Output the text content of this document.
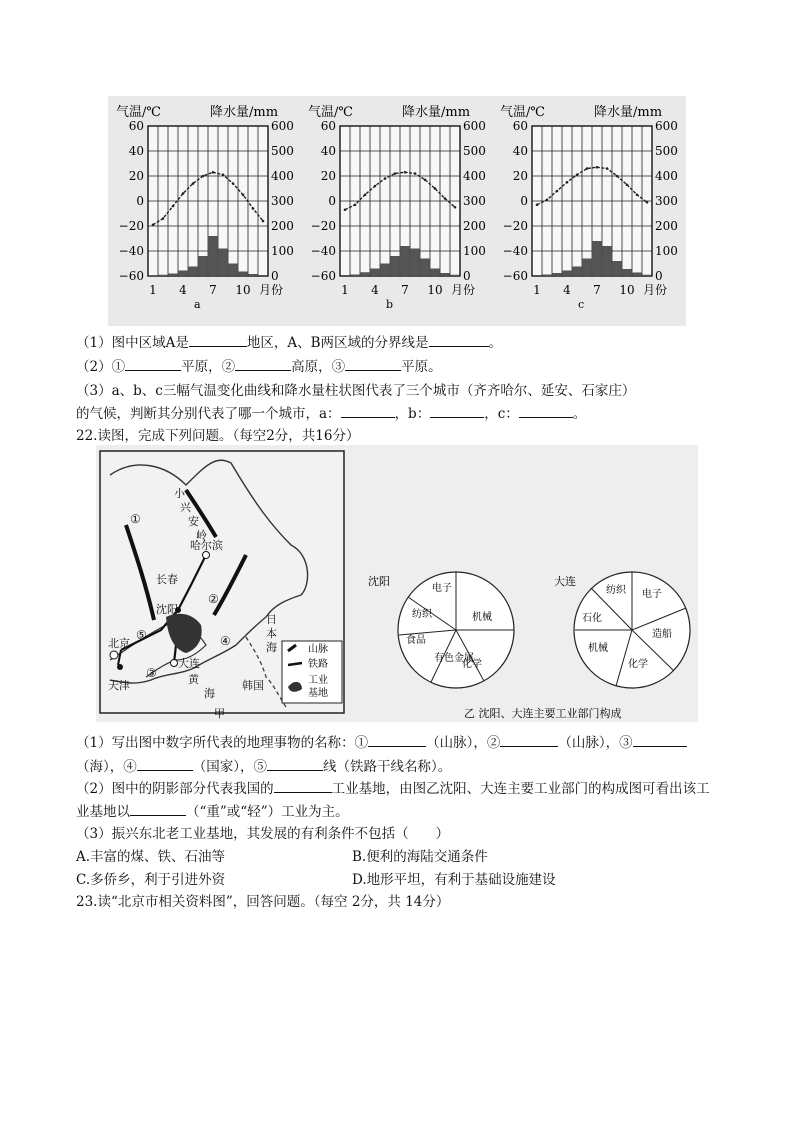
气温/℃	降水量/mm
60
40
20
0
−20
−40
−60
600
500
400
300
200
100
0
1 4 7 10 月份
a
气温/℃	降水量/mm
60
40
20
0
−20
−40
−60
600
500
400
300
200
100
0
1 4 7 10 月份
b
气温/℃	降水量/mm
60
40
20
0
−20
−40
−60
600
500
400
300
200
100
0
1 4 7 10 月份
c
（1）图中区域A是	地区，A、B两区域的分界线是	。
（2）①	平原，②	高原，③	平原。
（3）a、b、c三幅气温变化曲线和降水量柱状图代表了三个城市（齐齐哈尔、延安、石家庄）
的气候，判断其分别代表了哪一个城市，a：	，b：	，c：	。
22.读图，完成下列问题。（每空2分，共16分）
小
兴
安
岭
哈尔滨
长春
沈阳
北京
天津
大连
黄
海
韩国
日
本
海
①
②
③
④
⑤
甲
山脉
铁路
工业
基地
沈阳
电子
机械
化学
有色金属
食品
纺织
大连
纺织 电子
造船
化学
机械
石化
乙 沈阳、大连主要工业部门构成
（1）写出图中数字所代表的地理事物的名称：①	（山脉），②	（山脉），③
（海），④	（国家），⑤	线（铁路干线名称）。
（2）图中的阴影部分代表我国的	工业基地，由图乙沈阳、大连主要工业部门的构成图可看出该工
业基地以	（“重”或“轻”）工业为主。
（3）振兴东北老工业基地，其发展的有利条件不包括（　　）
A.丰富的煤、铁、石油等	B.便利的海陆交通条件
C.多侨乡，利于引进外资	D.地形平坦，有利于基础设施建设
23.读“北京市相关资料图”，回答问题。（每空 2分，共 14分）
